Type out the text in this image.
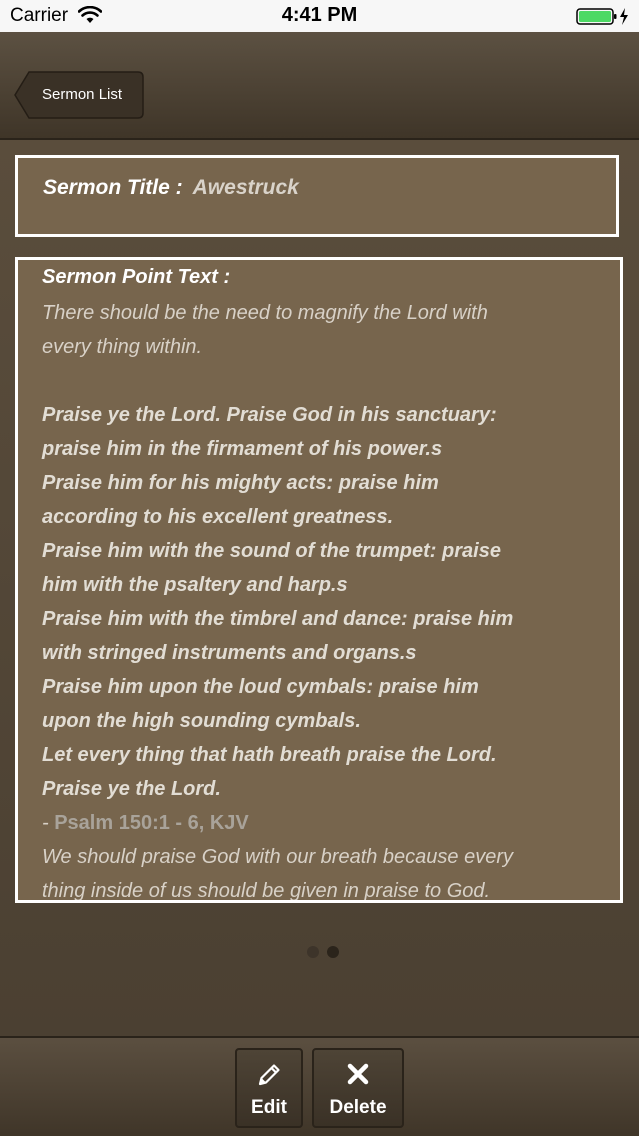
Carrier	4:41 PM
Sermon List
Sermon Title : Awestruck
Sermon Point Text :
There should be the need to magnify the Lord with
every thing within.
Praise ye the Lord. Praise God in his sanctuary:
praise him in the firmament of his power.s
Praise him for his mighty acts: praise him
according to his excellent greatness.
Praise him with the sound of the trumpet: praise
him with the psaltery and harp.s
Praise him with the timbrel and dance: praise him
with stringed instruments and organs.s
Praise him upon the loud cymbals: praise him
upon the high sounding cymbals.
Let every thing that hath breath praise the Lord.
Praise ye the Lord.
- Psalm 150:1 - 6, KJV
We should praise God with our breath because every
thing inside of us should be given in praise to God.
Edit	Delete
